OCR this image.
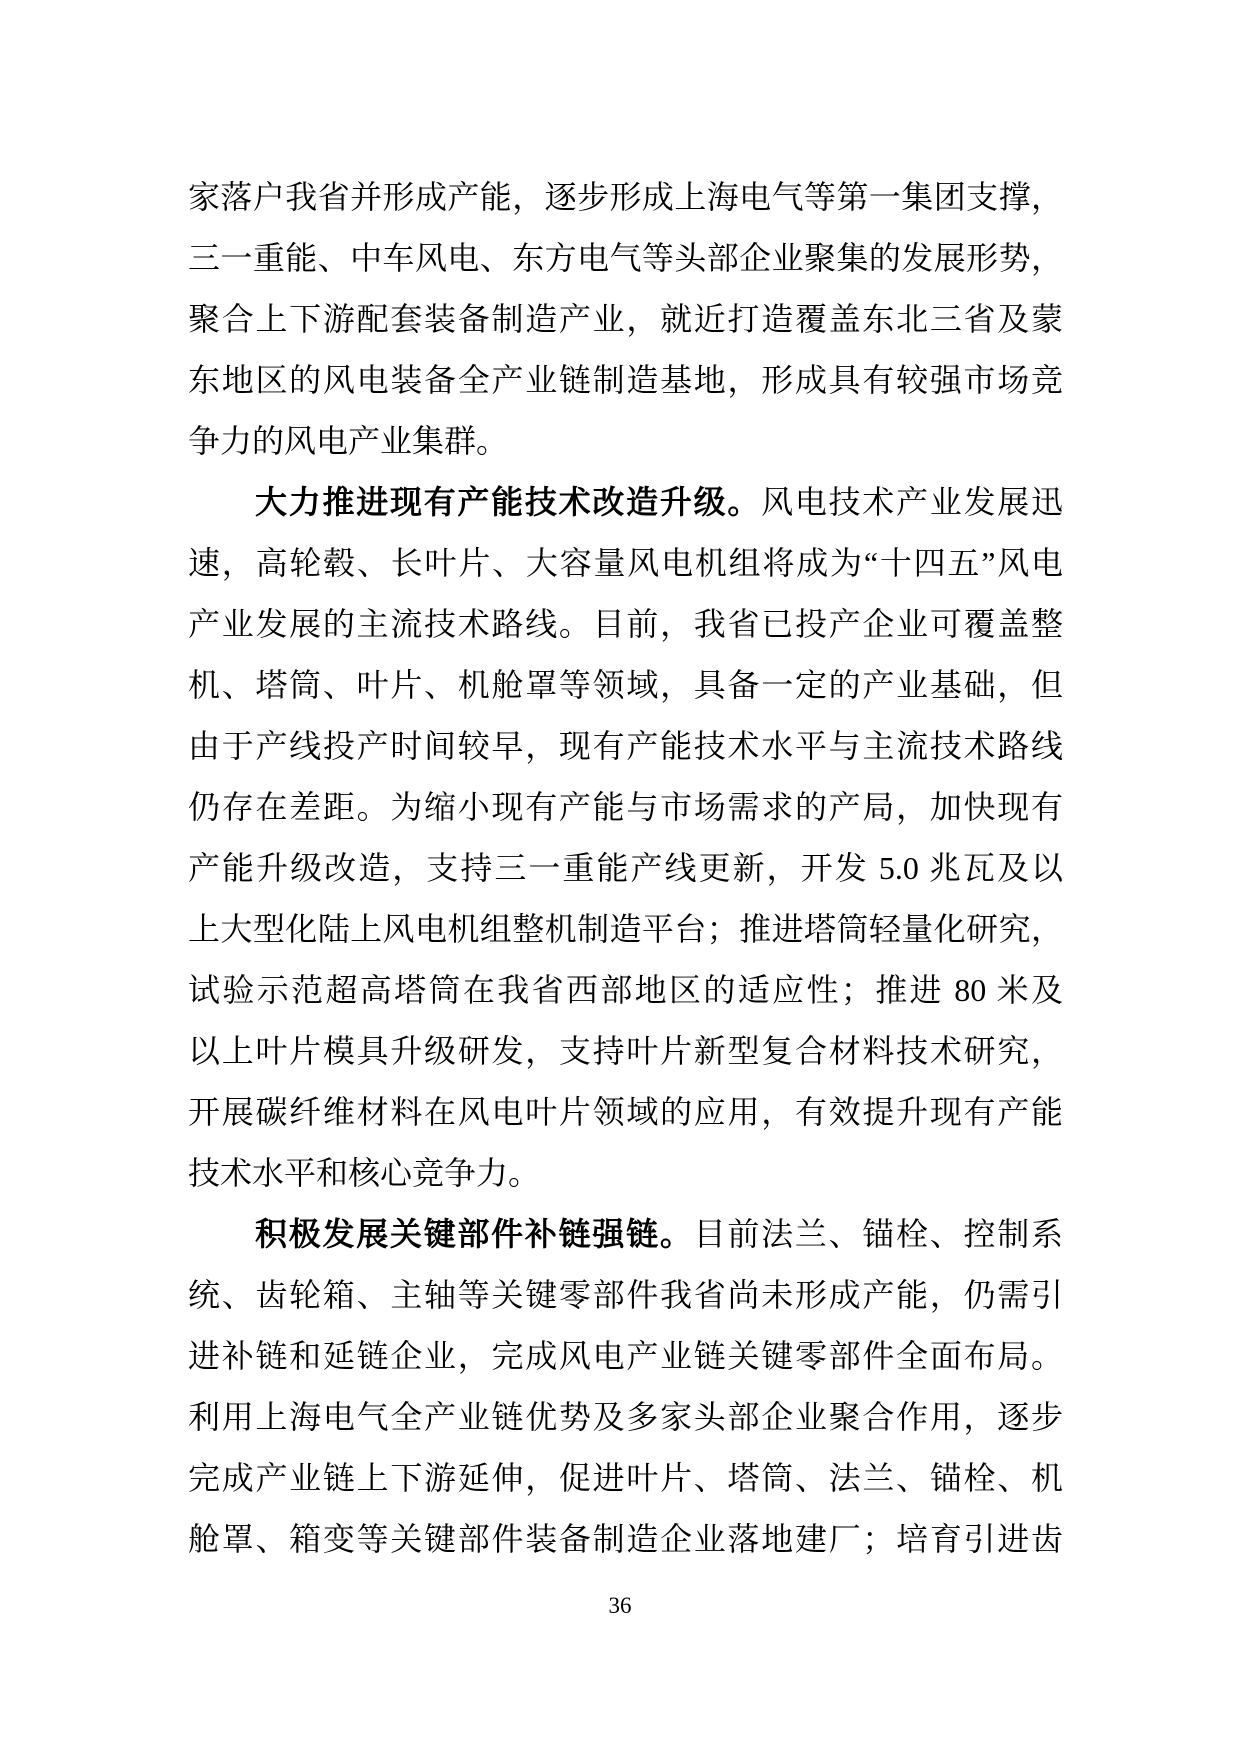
家落户我省并形成产能，逐步形成上海电气等第一集团支撑，
三一重能、中车风电、东方电气等头部企业聚集的发展形势，
聚合上下游配套装备制造产业，就近打造覆盖东北三省及蒙
东地区的风电装备全产业链制造基地，形成具有较强市场竞
争力的风电产业集群。
大力推进现有产能技术改造升级。风电技术产业发展迅
速，高轮毂、长叶片、大容量风电机组将成为“十四五”风电
产业发展的主流技术路线。目前，我省已投产企业可覆盖整
机、塔筒、叶片、机舱罩等领域，具备一定的产业基础，但
由于产线投产时间较早，现有产能技术水平与主流技术路线
仍存在差距。为缩小现有产能与市场需求的产局，加快现有
产能升级改造，支持三一重能产线更新，开发 5.0 兆瓦及以
上大型化陆上风电机组整机制造平台；推进塔筒轻量化研究，
试验示范超高塔筒在我省西部地区的适应性；推进 80 米及
以上叶片模具升级研发，支持叶片新型复合材料技术研究，
开展碳纤维材料在风电叶片领域的应用，有效提升现有产能
技术水平和核心竞争力。
积极发展关键部件补链强链。目前法兰、锚栓、控制系
统、齿轮箱、主轴等关键零部件我省尚未形成产能，仍需引
进补链和延链企业，完成风电产业链关键零部件全面布局。
利用上海电气全产业链优势及多家头部企业聚合作用，逐步
完成产业链上下游延伸，促进叶片、塔筒、法兰、锚栓、机
舱罩、箱变等关键部件装备制造企业落地建厂；培育引进齿
36
